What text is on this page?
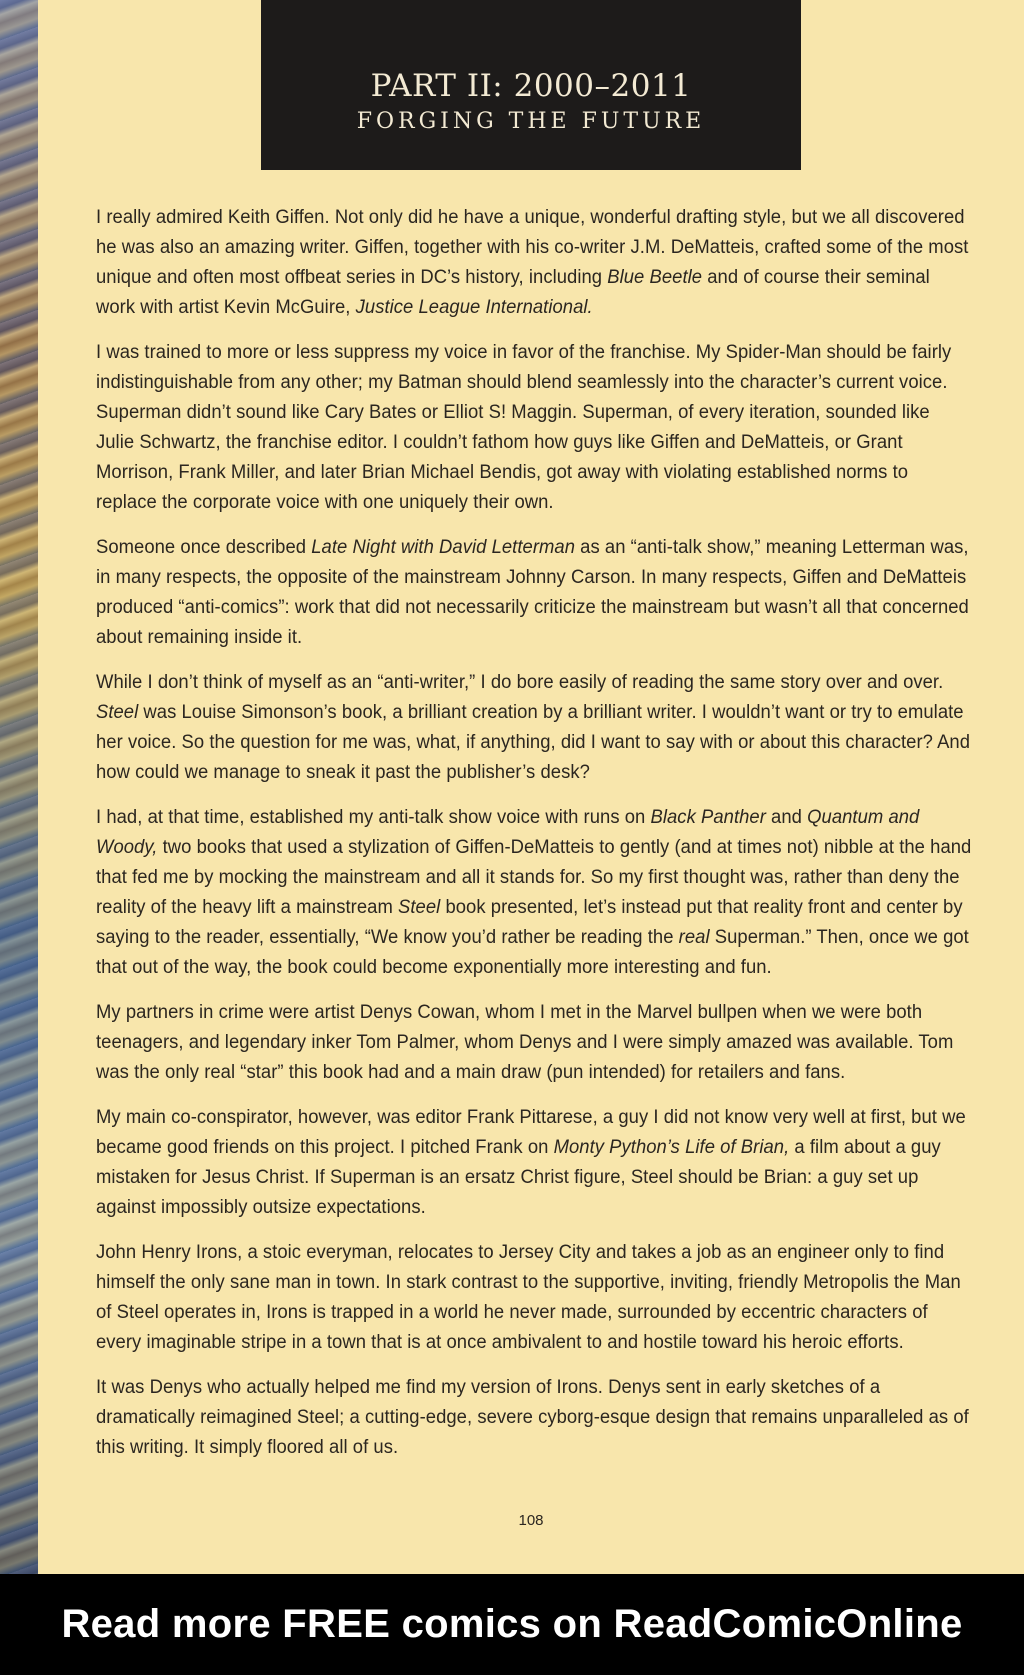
PART II: 2000–2011
FORGING THE FUTURE

I really admired Keith Giffen. Not only did he have a unique, wonderful drafting style, but we all discovered he was also an amazing writer. Giffen, together with his co-writer J.M. DeMatteis, crafted some of the most unique and often most offbeat series in DC’s history, including Blue Beetle and of course their seminal work with artist Kevin McGuire, Justice League International.

I was trained to more or less suppress my voice in favor of the franchise. My Spider-Man should be fairly indistinguishable from any other; my Batman should blend seamlessly into the character’s current voice. Superman didn’t sound like Cary Bates or Elliot S! Maggin. Superman, of every iteration, sounded like Julie Schwartz, the franchise editor. I couldn’t fathom how guys like Giffen and DeMatteis, or Grant Morrison, Frank Miller, and later Brian Michael Bendis, got away with violating established norms to replace the corporate voice with one uniquely their own.

Someone once described Late Night with David Letterman as an “anti-talk show,” meaning Letterman was, in many respects, the opposite of the mainstream Johnny Carson. In many respects, Giffen and DeMatteis produced “anti-comics”: work that did not necessarily criticize the mainstream but wasn’t all that concerned about remaining inside it.

While I don’t think of myself as an “anti-writer,” I do bore easily of reading the same story over and over. Steel was Louise Simonson’s book, a brilliant creation by a brilliant writer. I wouldn’t want or try to emulate her voice. So the question for me was, what, if anything, did I want to say with or about this character? And how could we manage to sneak it past the publisher’s desk?

I had, at that time, established my anti-talk show voice with runs on Black Panther and Quantum and Woody, two books that used a stylization of Giffen-DeMatteis to gently (and at times not) nibble at the hand that fed me by mocking the mainstream and all it stands for. So my first thought was, rather than deny the reality of the heavy lift a mainstream Steel book presented, let’s instead put that reality front and center by saying to the reader, essentially, “We know you’d rather be reading the real Superman.” Then, once we got that out of the way, the book could become exponentially more interesting and fun.

My partners in crime were artist Denys Cowan, whom I met in the Marvel bullpen when we were both teenagers, and legendary inker Tom Palmer, whom Denys and I were simply amazed was available. Tom was the only real “star” this book had and a main draw (pun intended) for retailers and fans.

My main co-conspirator, however, was editor Frank Pittarese, a guy I did not know very well at first, but we became good friends on this project. I pitched Frank on Monty Python’s Life of Brian, a film about a guy mistaken for Jesus Christ. If Superman is an ersatz Christ figure, Steel should be Brian: a guy set up against impossibly outsize expectations.

John Henry Irons, a stoic everyman, relocates to Jersey City and takes a job as an engineer only to find himself the only sane man in town. In stark contrast to the supportive, inviting, friendly Metropolis the Man of Steel operates in, Irons is trapped in a world he never made, surrounded by eccentric characters of every imaginable stripe in a town that is at once ambivalent to and hostile toward his heroic efforts.

It was Denys who actually helped me find my version of Irons. Denys sent in early sketches of a dramatically reimagined Steel; a cutting-edge, severe cyborg-esque design that remains unparalleled as of this writing. It simply floored all of us.

108
Read more FREE comics on ReadComicOnline
